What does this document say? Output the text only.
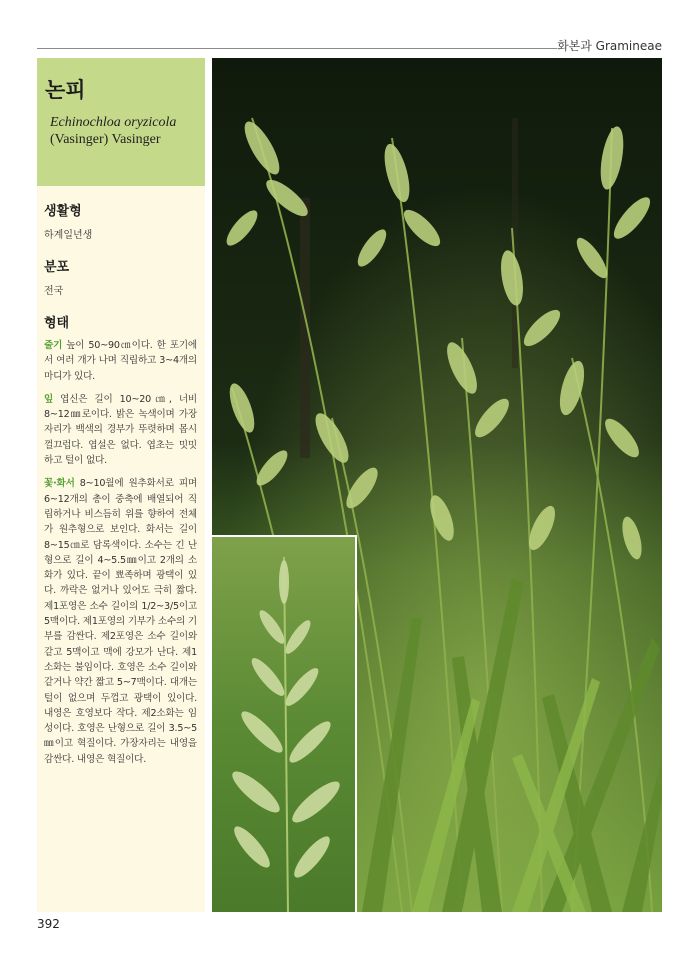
화본과 Gramineae
논피
Echinochloa oryzicola
(Vasinger) Vasinger
생활형
하계일년생
분포
전국
형태

줄기 높이 50~90㎝이다. 한 포기에서 여러 개가 나며 직립하고 3~4개의 마디가 있다.

잎 엽신은 길이 10~20㎝, 너비 8~12㎜로이다. 밝은 녹색이며 가장자리가 백색의 경부가 뚜렷하며 몹시 껄끄럽다. 엽설은 없다. 엽초는 밋밋하고 털이 없다.

꽃·화서 8~10월에 원추화서로 피며 6~12개의 총이 중축에 배열되어 직립하거나 비스듬히 위를 향하여 전체가 원추형으로 보인다. 화서는 길이 8~15㎝로 담록색이다. 소수는 긴 난형으로 길이 4~5.5㎜이고 2개의 소화가 있다. 끝이 뾰족하며 광택이 있다. 까락은 없거나 있어도 극히 짧다. 제1포영은 소수 길이의 1/2~3/5이고 5맥이다. 제1포영의 기부가 소수의 기부를 감싼다. 제2포영은 소수 길이와 같고 5맥이고 맥에 강모가 난다. 제1소화는 불임이다. 호영은 소수 길이와 같거나 약간 짧고 5~7맥이다. 대개는 털이 없으며 두껍고 광택이 있이다. 내영은 호영보다 작다. 제2소화는 임성이다. 호영은 난형으로 길이 3.5~5㎜이고 혁질이다. 가장자리는 내영을 감싼다. 내영은 혁질이다.

392
